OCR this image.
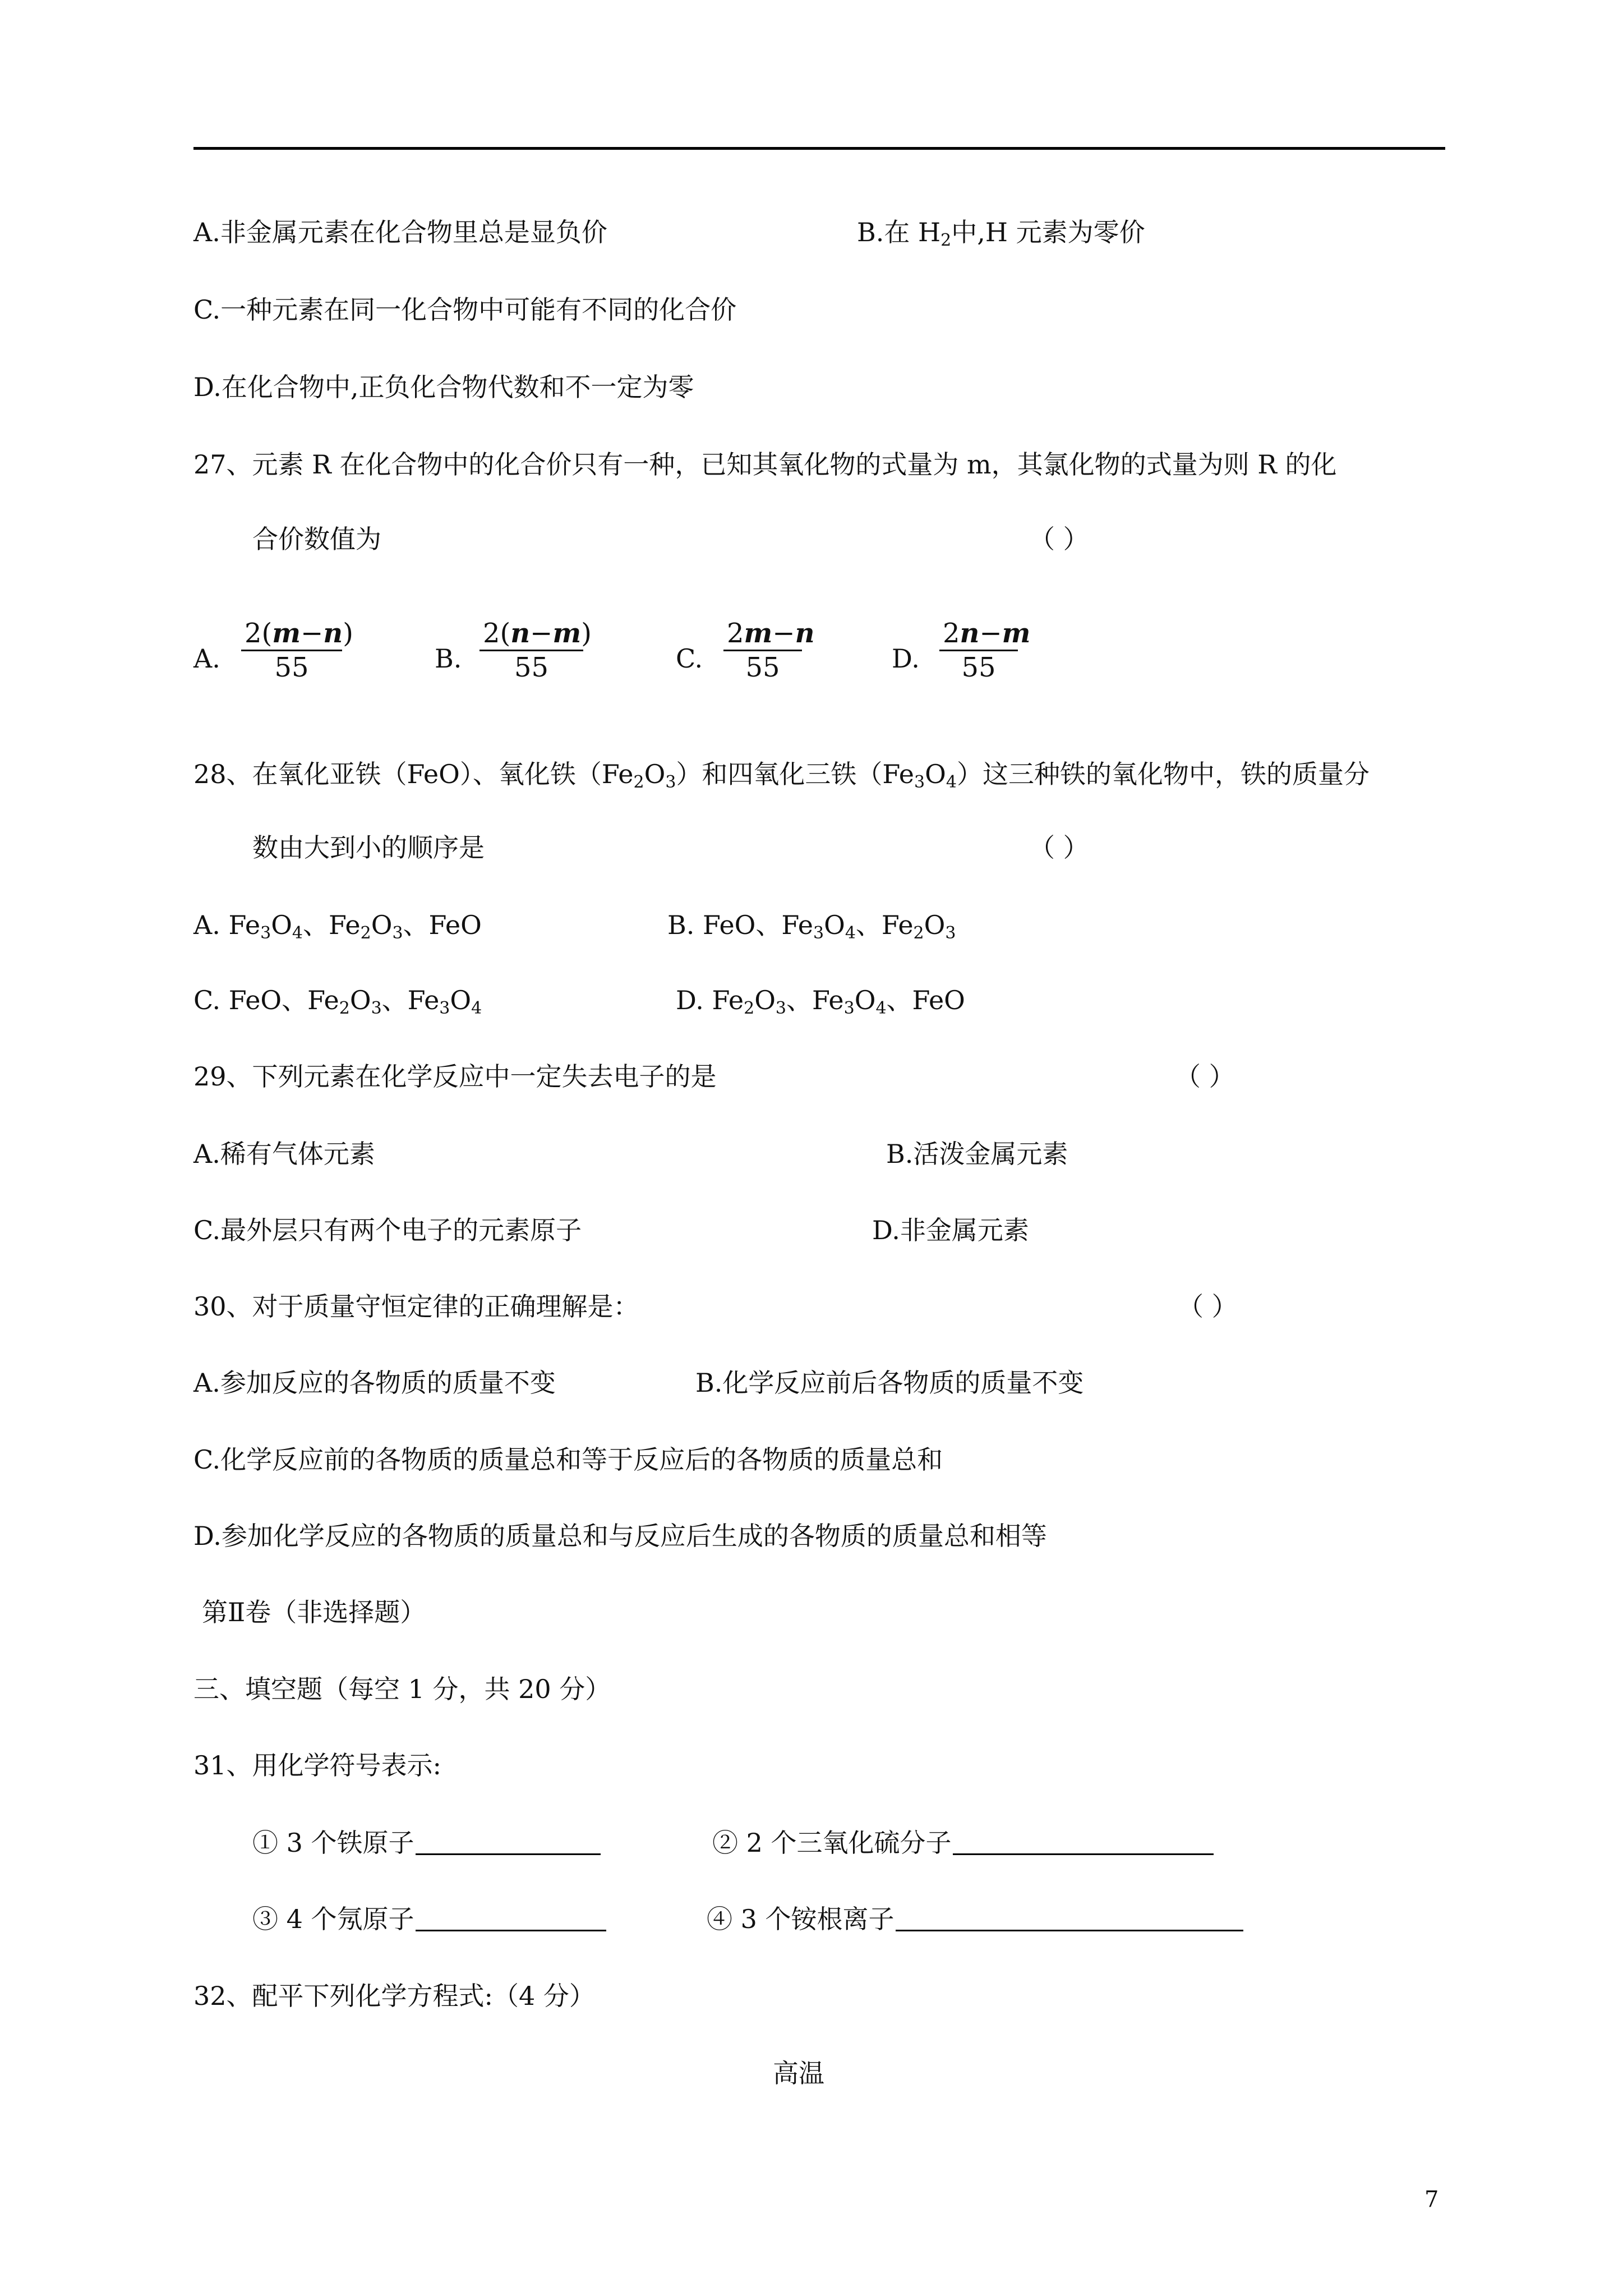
A.非金属元素在化合物里总是显负价	B.在 $H_2$中,H 元素为零价
C.一种元素在同一化合物中可能有不同的化合价
D.在化合物中,正负化合物代数和不一定为零
27、元素 R 在化合物中的化合价只有一种，已知其氧化物的式量为 m，其氯化物的式量为则 R 的化
合价数值为	（ ）
A. $\frac{2(m-n)}{55}$	B. $\frac{2(n-m)}{55}$	C. $\frac{2m-n}{55}$	D. $\frac{2n-m}{55}$
28、在氧化亚铁（FeO）、氧化铁$(Fe_2O_3)$和四氧化三铁$(Fe_3O_4)$这三种铁的氧化物中，铁的质量分
数由大到小的顺序是	（ ）
A. $Fe_3O_4$、$Fe_2O_3$、FeO	B. FeO、$Fe_3O_4$、$Fe_2O_3$
C. FeO、$Fe_2O_3$、$Fe_3O_4$	D. $Fe_2O_3$、$Fe_3O_4$、FeO
29、下列元素在化学反应中一定失去电子的是	（ ）
A.稀有气体元素	B.活泼金属元素
C.最外层只有两个电子的元素原子	D.非金属元素
30、对于质量守恒定律的正确理解是：	（ ）
A.参加反应的各物质的质量不变	B.化学反应前后各物质的质量不变
C.化学反应前的各物质的质量总和等于反应后的各物质的质量总和
D.参加化学反应的各物质的质量总和与反应后生成的各物质的质量总和相等
第Ⅱ卷（非选择题）
三、填空题（每空 1 分，共 20 分）
31、用化学符号表示:
① 3 个铁原子	② 2 个三氧化硫分子
③ 4 个氖原子	④ 3 个铵根离子
32、配平下列化学方程式:（4 分）
高温
7
